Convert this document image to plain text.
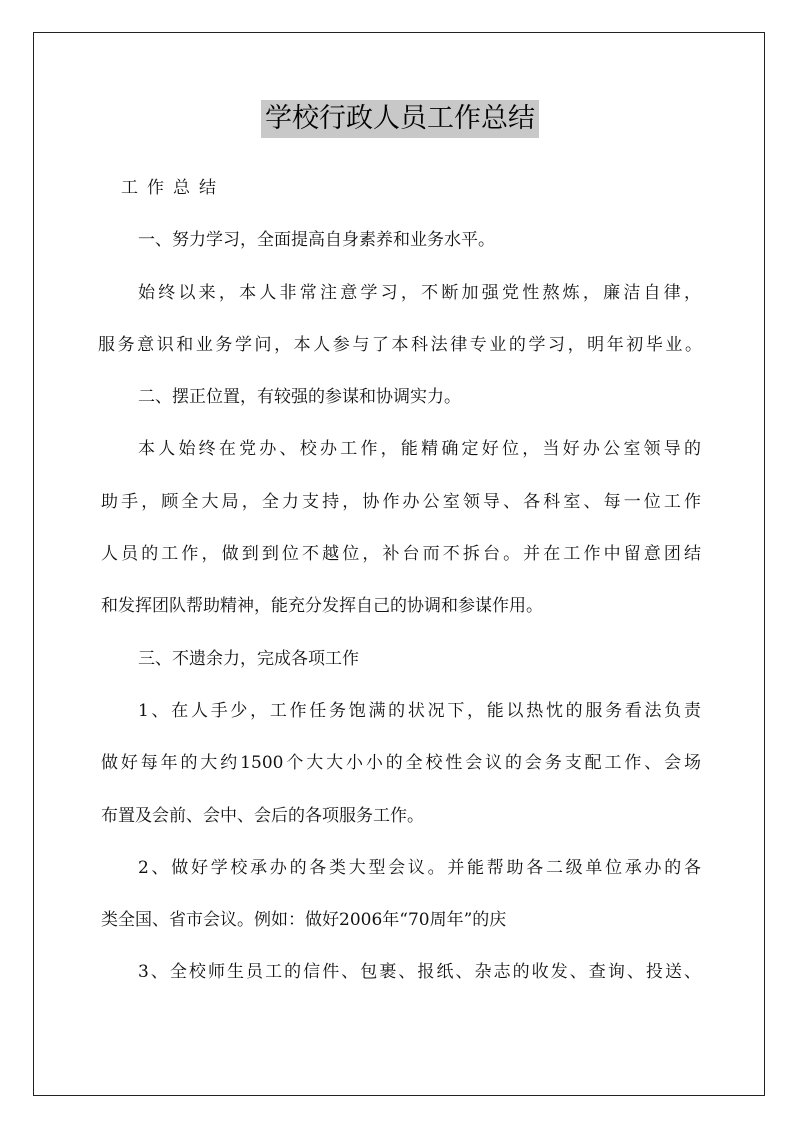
学校行政人员工作总结
工作总结
一、努力学习，全面提高自身素养和业务水平。
始终以来，本人非常注意学习，不断加强党性熬炼，廉洁自律，
服务意识和业务学问，本人参与了本科法律专业的学习，明年初毕业。
二、摆正位置，有较强的参谋和协调实力。
本人始终在党办、校办工作，能精确定好位，当好办公室领导的
助手，顾全大局，全力支持，协作办公室领导、各科室、每一位工作
人员的工作，做到到位不越位，补台而不拆台。并在工作中留意团结
和发挥团队帮助精神，能充分发挥自己的协调和参谋作用。
三、不遗余力，完成各项工作
1、在人手少，工作任务饱满的状况下，能以热忱的服务看法负责
做好每年的大约1500个大大小小的全校性会议的会务支配工作、会场
布置及会前、会中、会后的各项服务工作。
2、做好学校承办的各类大型会议。并能帮助各二级单位承办的各
类全国、省市会议。例如：做好2006年“70周年”的庆
3、全校师生员工的信件、包裹、报纸、杂志的收发、查询、投送、
